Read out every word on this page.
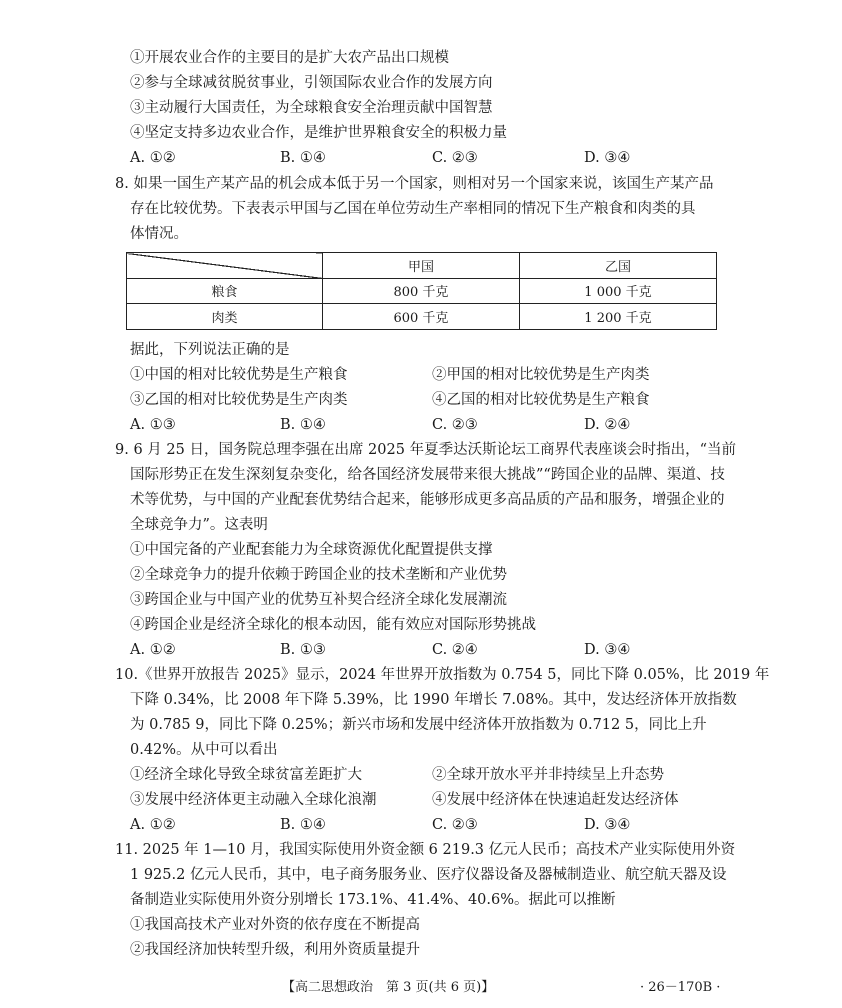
①开展农业合作的主要目的是扩大农产品出口规模
②参与全球减贫脱贫事业，引领国际农业合作的发展方向
③主动履行大国责任，为全球粮食安全治理贡献中国智慧
④坚定支持多边农业合作，是维护世界粮食安全的积极力量
A. ①②	B. ①④	C. ②③	D. ③④
8. 如果一国生产某产品的机会成本低于另一个国家，则相对另一个国家来说，该国生产某产品
存在比较优势。下表表示甲国与乙国在单位劳动生产率相同的情况下生产粮食和肉类的具
体情况。
	甲国	乙国
粮食	800 千克	1 000 千克
肉类	600 千克	1 200 千克
据此，下列说法正确的是
①中国的相对比较优势是生产粮食	②甲国的相对比较优势是生产肉类
③乙国的相对比较优势是生产肉类	④乙国的相对比较优势是生产粮食
A. ①③	B. ①④	C. ②③	D. ②④
9. 6 月 25 日，国务院总理李强在出席 2025 年夏季达沃斯论坛工商界代表座谈会时指出，“当前
国际形势正在发生深刻复杂变化，给各国经济发展带来很大挑战”“跨国企业的品牌、渠道、技
术等优势，与中国的产业配套优势结合起来，能够形成更多高品质的产品和服务，增强企业的
全球竞争力”。这表明
①中国完备的产业配套能力为全球资源优化配置提供支撑
②全球竞争力的提升依赖于跨国企业的技术垄断和产业优势
③跨国企业与中国产业的优势互补契合经济全球化发展潮流
④跨国企业是经济全球化的根本动因，能有效应对国际形势挑战
A. ①②	B. ①③	C. ②④	D. ③④
10.《世界开放报告 2025》显示，2024 年世界开放指数为 0.754 5，同比下降 0.05%，比 2019 年
下降 0.34%，比 2008 年下降 5.39%，比 1990 年增长 7.08%。其中，发达经济体开放指数
为 0.785 9，同比下降 0.25%；新兴市场和发展中经济体开放指数为 0.712 5，同比上升
0.42%。从中可以看出
①经济全球化导致全球贫富差距扩大	②全球开放水平并非持续呈上升态势
③发展中经济体更主动融入全球化浪潮	④发展中经济体在快速追赶发达经济体
A. ①②	B. ①④	C. ②③	D. ③④
11. 2025 年 1—10 月，我国实际使用外资金额 6 219.3 亿元人民币；高技术产业实际使用外资
1 925.2 亿元人民币，其中，电子商务服务业、医疗仪器设备及器械制造业、航空航天器及设
备制造业实际使用外资分别增长 173.1%、41.4%、40.6%。据此可以推断
①我国高技术产业对外资的依存度在不断提高
②我国经济加快转型升级，利用外资质量提升
【高二思想政治　第 3 页(共 6 页)】	· 26－170B ·
